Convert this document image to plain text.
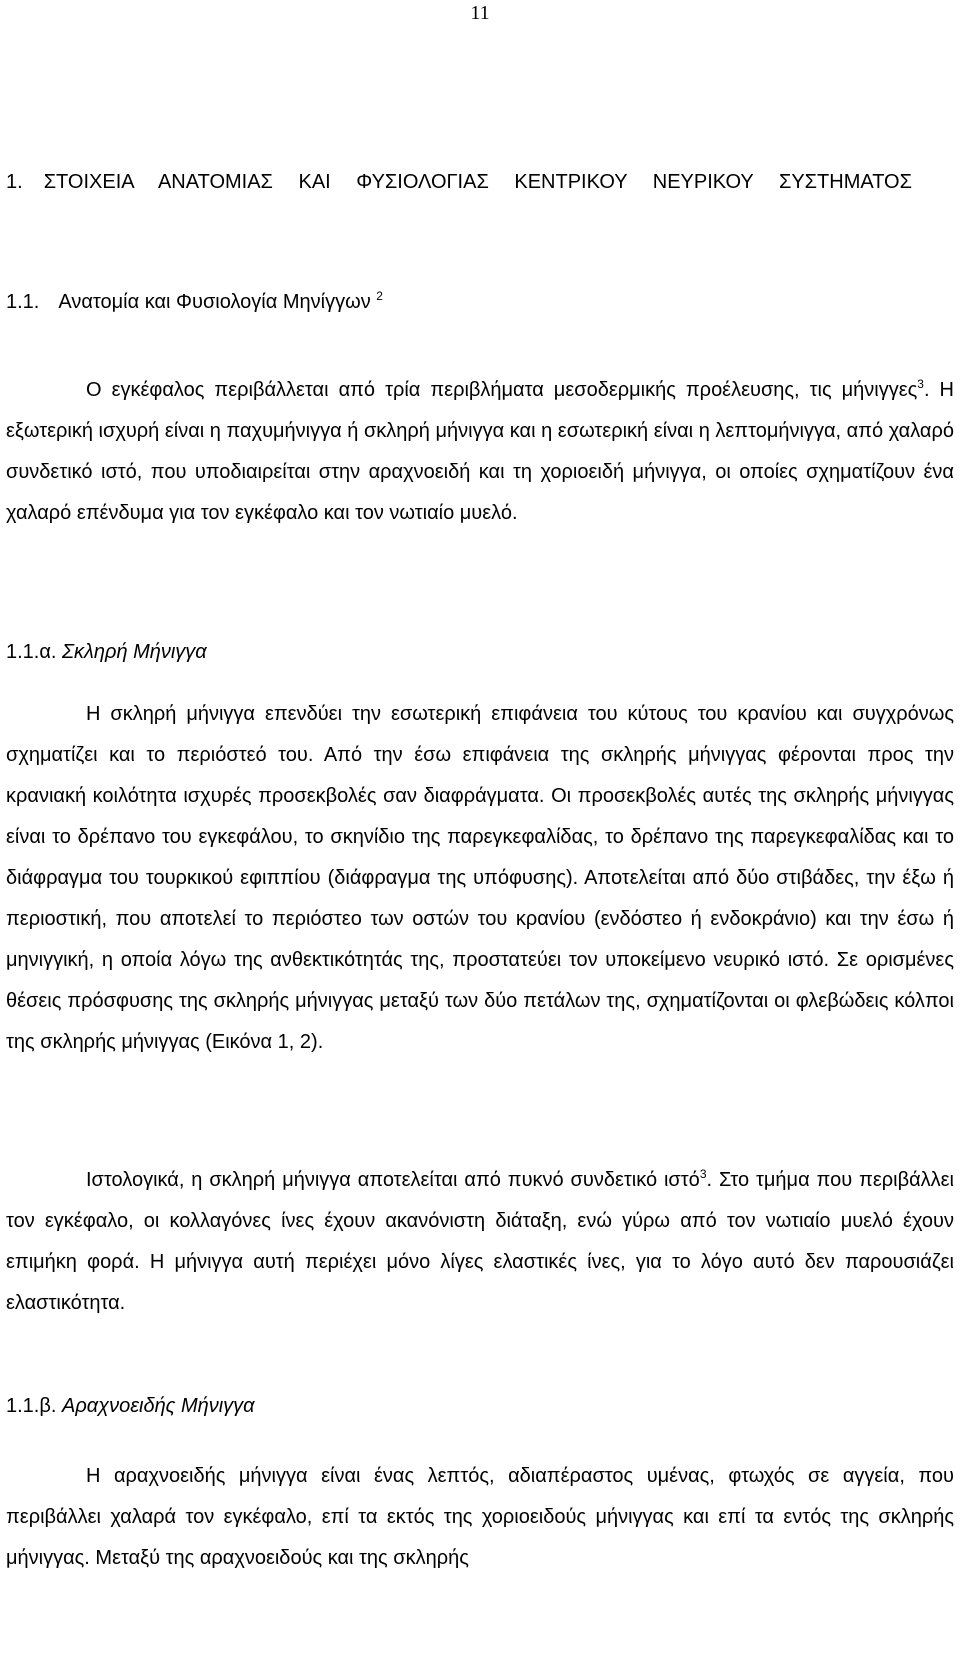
11
1. ΣΤΟΙΧΕΙΑ ΑΝΑΤΟΜΙΑΣ ΚΑΙ ΦΥΣΙΟΛΟΓΙΑΣ ΚΕΝΤΡΙΚΟΥ ΝΕΥΡΙΚΟΥ ΣΥΣΤΗΜΑΤΟΣ
1.1. Ανατομία και Φυσιολογία Μηνίγγων $^2$

Ο εγκέφαλος περιβάλλεται από τρία περιβλήματα μεσοδερμικής προέλευσης, τις μήνιγγες$^3$. Η εξωτερική ισχυρή είναι η παχυμήνιγγα ή σκληρή μήνιγγα και η εσωτερική είναι η λεπτομήνιγγα, από χαλαρό συνδετικό ιστό, που υποδιαιρείται στην αραχνοειδή και τη χοριοειδή μήνιγγα, οι οποίες σχηματίζουν ένα χαλαρό επένδυμα για τον εγκέφαλο και τον νωτιαίο μυελό.

1.1.α. Σκληρή Μήνιγγα

Η σκληρή μήνιγγα επενδύει την εσωτερική επιφάνεια του κύτους του κρανίου και συγχρόνως σχηματίζει και το περιόστεό του. Από την έσω επιφάνεια της σκληρής μήνιγγας φέρονται προς την κρανιακή κοιλότητα ισχυρές προσεκβολές σαν διαφράγματα. Οι προσεκβολές αυτές της σκληρής μήνιγγας είναι το δρέπανο του εγκεφάλου, το σκηνίδιο της παρεγκεφαλίδας, το δρέπανο της παρεγκεφαλίδας και το διάφραγμα του τουρκικού εφιππίου (διάφραγμα της υπόφυσης). Αποτελείται από δύο στιβάδες, την έξω ή περιοστική, που αποτελεί το περιόστεο των οστών του κρανίου (ενδόστεο ή ενδοκράνιο) και την έσω ή μηνιγγική, η οποία λόγω της ανθεκτικότητάς της, προστατεύει τον υποκείμενο νευρικό ιστό. Σε ορισμένες θέσεις πρόσφυσης της σκληρής μήνιγγας μεταξύ των δύο πετάλων της, σχηματίζονται οι φλεβώδεις κόλποι της σκληρής μήνιγγας (Εικόνα 1, 2).

Ιστολογικά, η σκληρή μήνιγγα αποτελείται από πυκνό συνδετικό ιστό$^3$. Στο τμήμα που περιβάλλει τον εγκέφαλο, οι κολλαγόνες ίνες έχουν ακανόνιστη διάταξη, ενώ γύρω από τον νωτιαίο μυελό έχουν επιμήκη φορά. Η μήνιγγα αυτή περιέχει μόνο λίγες ελαστικές ίνες, για το λόγο αυτό δεν παρουσιάζει ελαστικότητα.

1.1.β. Αραχνοειδής Μήνιγγα

Η αραχνοειδής μήνιγγα είναι ένας λεπτός, αδιαπέραστος υμένας, φτωχός σε αγγεία, που περιβάλλει χαλαρά τον εγκέφαλο, επί τα εκτός της χοριοειδούς μήνιγγας και επί τα εντός της σκληρής μήνιγγας. Μεταξύ της αραχνοειδούς και της σκληρής
